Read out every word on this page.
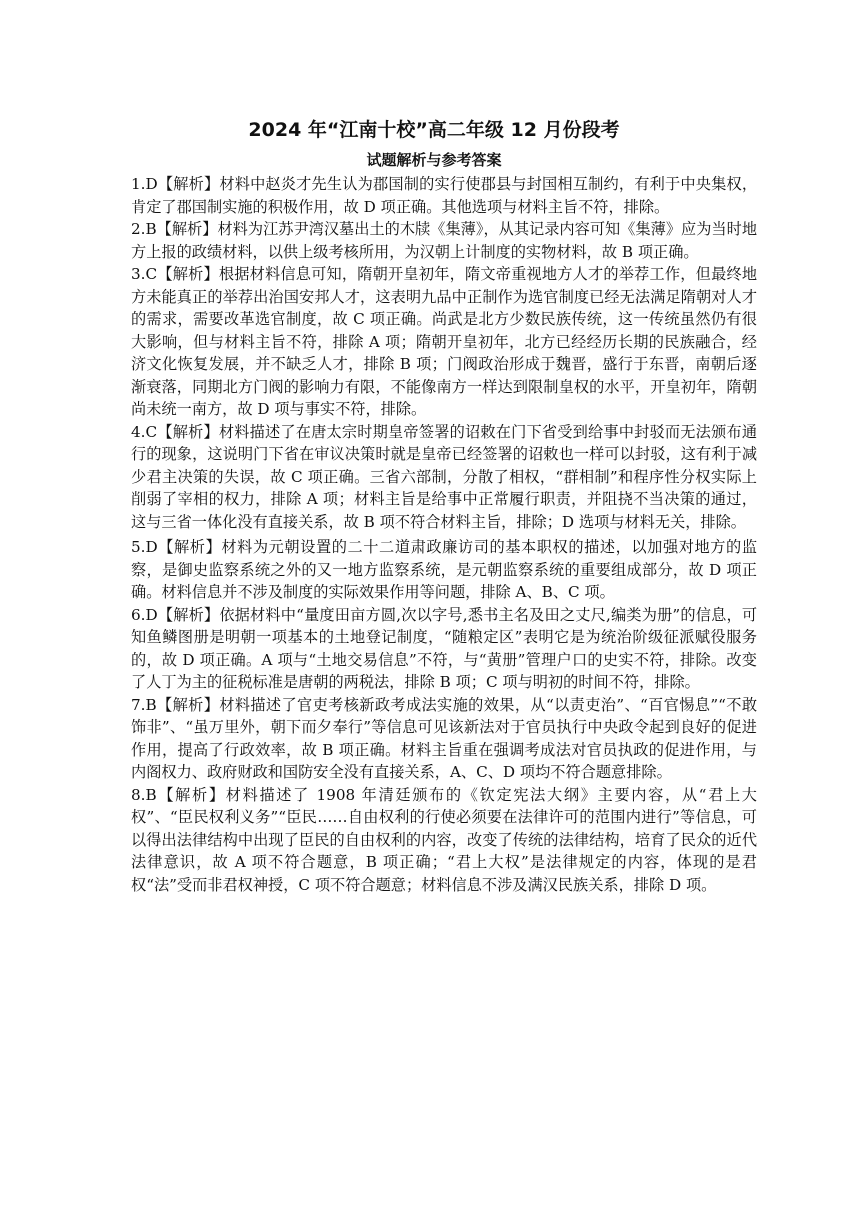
2024 年“江南十校”高二年级 12 月份段考
试题解析与参考答案

1.D【解析】材料中赵炎才先生认为郡国制的实行使郡县与封国相互制约，有利于中央集权，肯定了郡国制实施的积极作用，故 D 项正确。其他选项与材料主旨不符，排除。

2.B【解析】材料为江苏尹湾汉墓出土的木牍《集薄》，从其记录内容可知《集薄》应为当时地方上报的政绩材料，以供上级考核所用，为汉朝上计制度的实物材料，故 B 项正确。

3.C【解析】根据材料信息可知，隋朝开皇初年，隋文帝重视地方人才的举荐工作，但最终地方未能真正的举荐出治国安邦人才，这表明九品中正制作为选官制度已经无法满足隋朝对人才的需求，需要改革选官制度，故 C 项正确。尚武是北方少数民族传统，这一传统虽然仍有很大影响，但与材料主旨不符，排除 A 项；隋朝开皇初年，北方已经经历长期的民族融合，经济文化恢复发展，并不缺乏人才，排除 B 项；门阀政治形成于魏晋，盛行于东晋，南朝后逐渐衰落，同期北方门阀的影响力有限，不能像南方一样达到限制皇权的水平，开皇初年，隋朝尚未统一南方，故 D 项与事实不符，排除。

4.C【解析】材料描述了在唐太宗时期皇帝签署的诏敕在门下省受到给事中封驳而无法颁布通行的现象，这说明门下省在审议决策时就是皇帝已经签署的诏敕也一样可以封驳，这有利于减少君主决策的失误，故 C 项正确。三省六部制，分散了相权，“群相制”和程序性分权实际上削弱了宰相的权力，排除 A 项；材料主旨是给事中正常履行职责，并阻挠不当决策的通过，这与三省一体化没有直接关系，故 B 项不符合材料主旨，排除；D 选项与材料无关，排除。

5.D【解析】材料为元朝设置的二十二道肃政廉访司的基本职权的描述，以加强对地方的监察，是御史监察系统之外的又一地方监察系统，是元朝监察系统的重要组成部分，故 D 项正确。材料信息并不涉及制度的实际效果作用等问题，排除 A、B、C 项。

6.D【解析】依据材料中“量度田亩方圆,次以字号,悉书主名及田之丈尺,编类为册”的信息，可知鱼鳞图册是明朝一项基本的土地登记制度，“随粮定区”表明它是为统治阶级征派赋役服务的，故 D 项正确。A 项与“土地交易信息”不符，与“黄册”管理户口的史实不符，排除。改变了人丁为主的征税标准是唐朝的两税法，排除 B 项；C 项与明初的时间不符，排除。

7.B【解析】材料描述了官吏考核新政考成法实施的效果，从“以责吏治”、“百官惕息”“不敢饰非”、“虽万里外，朝下而夕奉行”等信息可见该新法对于官员执行中央政令起到良好的促进作用，提高了行政效率，故 B 项正确。材料主旨重在强调考成法对官员执政的促进作用，与内阁权力、政府财政和国防安全没有直接关系，A、C、D 项均不符合题意排除。

8.B【解析】材料描述了 1908 年清廷颁布的《钦定宪法大纲》主要内容，从“君上大权”、“臣民权利义务”“臣民……自由权利的行使必须要在法律许可的范围内进行”等信息，可以得出法律结构中出现了臣民的自由权利的内容，改变了传统的法律结构，培育了民众的近代法律意识，故 A 项不符合题意，B 项正确；“君上大权”是法律规定的内容，体现的是君权“法”受而非君权神授，C 项不符合题意；材料信息不涉及满汉民族关系，排除 D 项。
